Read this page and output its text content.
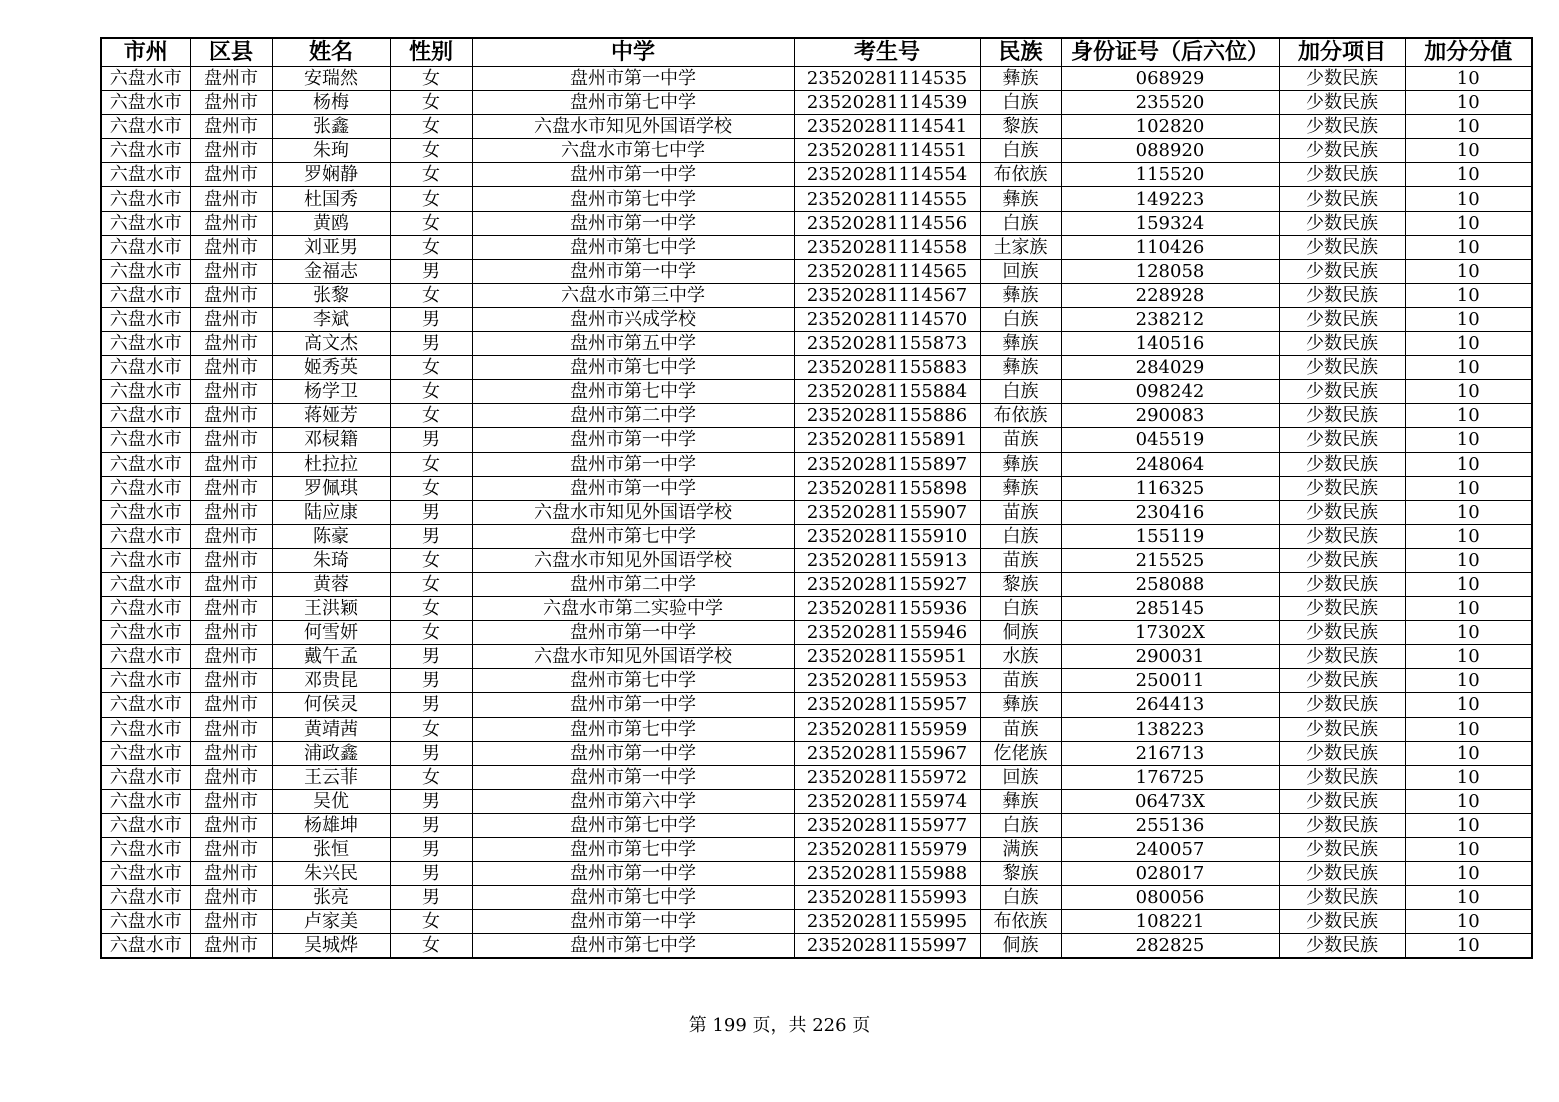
市州	区县	姓名	性别	中学	考生号	民族	身份证号（后六位）	加分项目	加分分值
六盘水市	盘州市	安瑞然	女	盘州市第一中学	23520281114535	彝族	068929	少数民族	10
六盘水市	盘州市	杨梅	女	盘州市第七中学	23520281114539	白族	235520	少数民族	10
六盘水市	盘州市	张鑫	女	六盘水市知见外国语学校	23520281114541	黎族	102820	少数民族	10
六盘水市	盘州市	朱珣	女	六盘水市第七中学	23520281114551	白族	088920	少数民族	10
六盘水市	盘州市	罗娴静	女	盘州市第一中学	23520281114554	布依族	115520	少数民族	10
六盘水市	盘州市	杜国秀	女	盘州市第七中学	23520281114555	彝族	149223	少数民族	10
六盘水市	盘州市	黄鸥	女	盘州市第一中学	23520281114556	白族	159324	少数民族	10
六盘水市	盘州市	刘亚男	女	盘州市第七中学	23520281114558	土家族	110426	少数民族	10
六盘水市	盘州市	金福志	男	盘州市第一中学	23520281114565	回族	128058	少数民族	10
六盘水市	盘州市	张黎	女	六盘水市第三中学	23520281114567	彝族	228928	少数民族	10
六盘水市	盘州市	李斌	男	盘州市兴成学校	23520281114570	白族	238212	少数民族	10
六盘水市	盘州市	高文杰	男	盘州市第五中学	23520281155873	彝族	140516	少数民族	10
六盘水市	盘州市	姬秀英	女	盘州市第七中学	23520281155883	彝族	284029	少数民族	10
六盘水市	盘州市	杨学卫	女	盘州市第七中学	23520281155884	白族	098242	少数民族	10
六盘水市	盘州市	蒋娅芳	女	盘州市第二中学	23520281155886	布依族	290083	少数民族	10
六盘水市	盘州市	邓棂籍	男	盘州市第一中学	23520281155891	苗族	045519	少数民族	10
六盘水市	盘州市	杜拉拉	女	盘州市第一中学	23520281155897	彝族	248064	少数民族	10
六盘水市	盘州市	罗佩琪	女	盘州市第一中学	23520281155898	彝族	116325	少数民族	10
六盘水市	盘州市	陆应康	男	六盘水市知见外国语学校	23520281155907	苗族	230416	少数民族	10
六盘水市	盘州市	陈豪	男	盘州市第七中学	23520281155910	白族	155119	少数民族	10
六盘水市	盘州市	朱琦	女	六盘水市知见外国语学校	23520281155913	苗族	215525	少数民族	10
六盘水市	盘州市	黄蓉	女	盘州市第二中学	23520281155927	黎族	258088	少数民族	10
六盘水市	盘州市	王洪颖	女	六盘水市第二实验中学	23520281155936	白族	285145	少数民族	10
六盘水市	盘州市	何雪妍	女	盘州市第一中学	23520281155946	侗族	17302X	少数民族	10
六盘水市	盘州市	戴午孟	男	六盘水市知见外国语学校	23520281155951	水族	290031	少数民族	10
六盘水市	盘州市	邓贵昆	男	盘州市第七中学	23520281155953	苗族	250011	少数民族	10
六盘水市	盘州市	何侯灵	男	盘州市第一中学	23520281155957	彝族	264413	少数民族	10
六盘水市	盘州市	黄靖茜	女	盘州市第七中学	23520281155959	苗族	138223	少数民族	10
六盘水市	盘州市	浦政鑫	男	盘州市第一中学	23520281155967	仡佬族	216713	少数民族	10
六盘水市	盘州市	王云菲	女	盘州市第一中学	23520281155972	回族	176725	少数民族	10
六盘水市	盘州市	吴优	男	盘州市第六中学	23520281155974	彝族	06473X	少数民族	10
六盘水市	盘州市	杨雄坤	男	盘州市第七中学	23520281155977	白族	255136	少数民族	10
六盘水市	盘州市	张恒	男	盘州市第七中学	23520281155979	满族	240057	少数民族	10
六盘水市	盘州市	朱兴民	男	盘州市第一中学	23520281155988	黎族	028017	少数民族	10
六盘水市	盘州市	张亮	男	盘州市第七中学	23520281155993	白族	080056	少数民族	10
六盘水市	盘州市	卢家美	女	盘州市第一中学	23520281155995	布依族	108221	少数民族	10
六盘水市	盘州市	吴城烨	女	盘州市第七中学	23520281155997	侗族	282825	少数民族	10
第 199 页，共 226 页
